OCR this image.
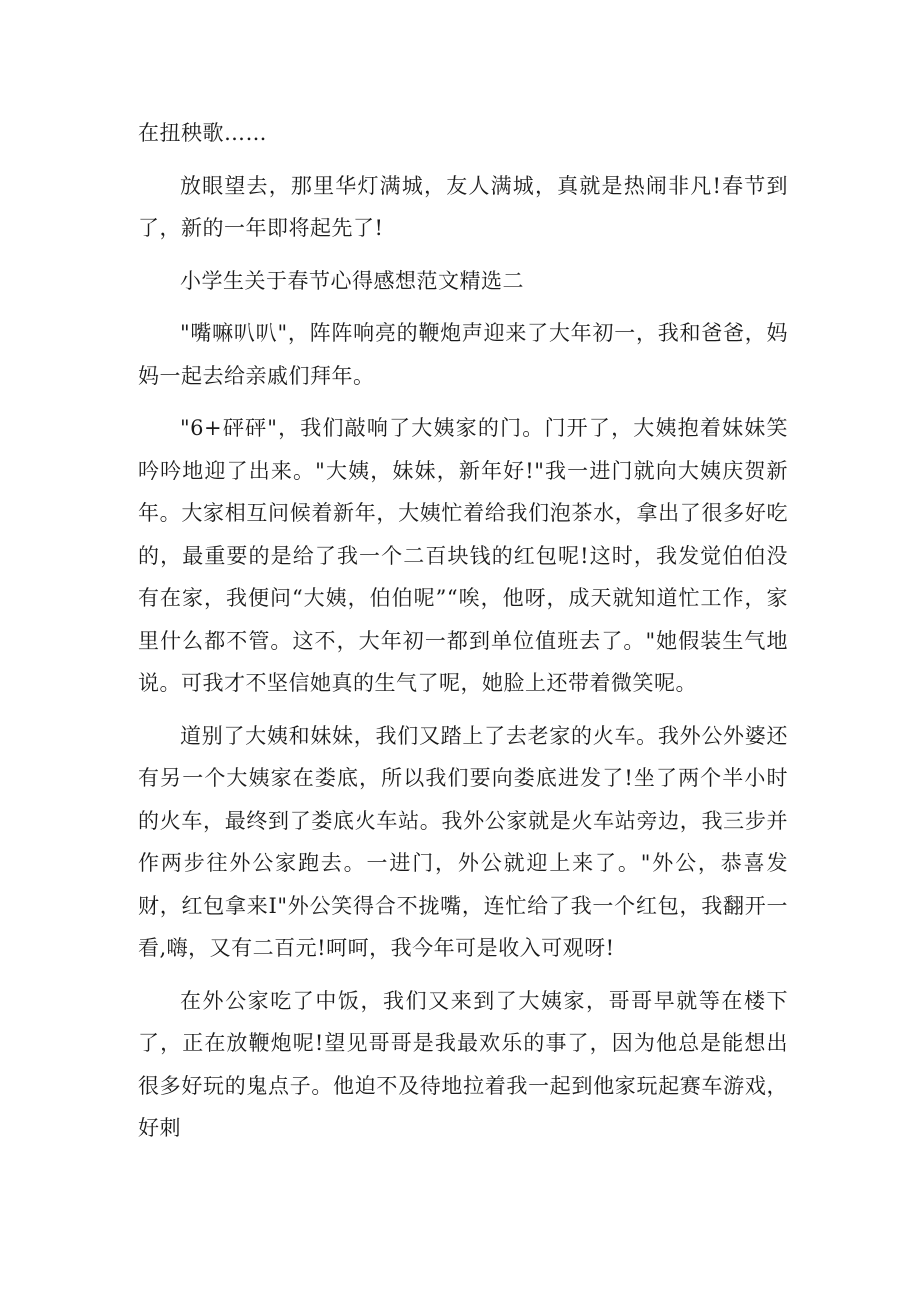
在扭秧歌……

放眼望去，那里华灯满城，友人满城，真就是热闹非凡!春节到了，新的一年即将起先了!

小学生关于春节心得感想范文精选二

"嘴嘛叭叭"，阵阵响亮的鞭炮声迎来了大年初一，我和爸爸，妈妈一起去给亲戚们拜年。

"6+砰砰"，我们敲响了大姨家的门。门开了，大姨抱着妹妹笑吟吟地迎了出来。"大姨，妹妹，新年好!"我一进门就向大姨庆贺新年。大家相互问候着新年，大姨忙着给我们泡茶水，拿出了很多好吃的，最重要的是给了我一个二百块钱的红包呢!这时，我发觉伯伯没有在家，我便问“大姨，伯伯呢”“唉，他呀，成天就知道忙工作，家里什么都不管。这不，大年初一都到单位值班去了。"她假装生气地说。可我才不坚信她真的生气了呢，她脸上还带着微笑呢。

道别了大姨和妹妹，我们又踏上了去老家的火车。我外公外婆还有另一个大姨家在娄底，所以我们要向娄底进发了!坐了两个半小时的火车，最终到了娄底火车站。我外公家就是火车站旁边，我三步并作两步往外公家跑去。一进门，外公就迎上来了。"外公，恭喜发财，红包拿来I"外公笑得合不拢嘴，连忙给了我一个红包，我翻开一看,嗨，又有二百元!呵呵，我今年可是收入可观呀!

在外公家吃了中饭，我们又来到了大姨家，哥哥早就等在楼下了，正在放鞭炮呢!望见哥哥是我最欢乐的事了，因为他总是能想出很多好玩的鬼点子。他迫不及待地拉着我一起到他家玩起赛车游戏，好刺
